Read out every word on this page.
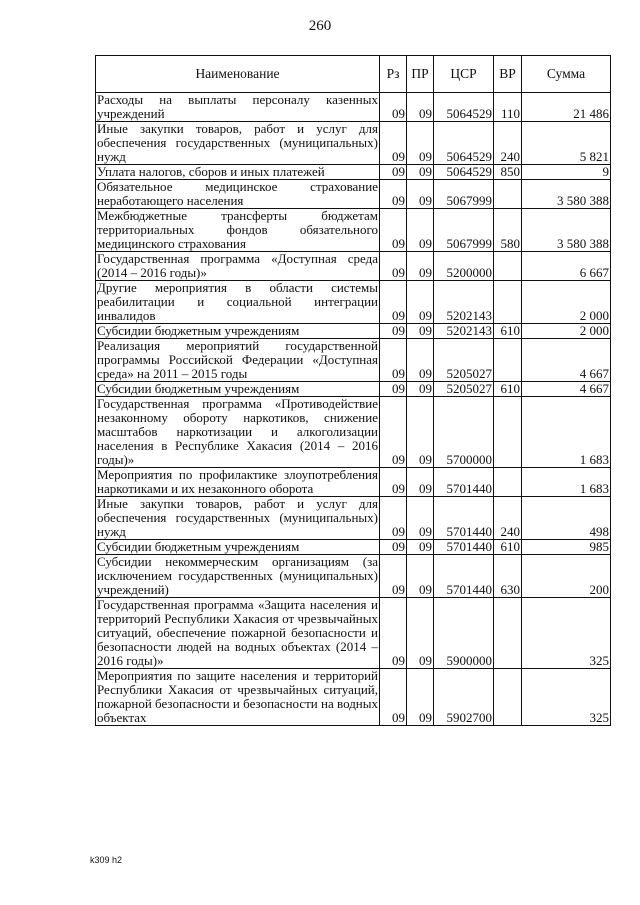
260
Наименование	Рз	ПР	ЦСР	ВР	Сумма
Расходы на выплаты персоналу казенных учреждений	09	09	5064529	110	21 486
Иные закупки товаров, работ и услуг для обеспечения государственных (муниципальных) нужд	09	09	5064529	240	5 821
Уплата налогов, сборов и иных платежей	09	09	5064529	850	9
Обязательное медицинское страхование неработающего населения	09	09	5067999		3 580 388
Межбюджетные трансферты бюджетам территориальных фондов обязательного медицинского страхования	09	09	5067999	580	3 580 388
Государственная программа «Доступная среда (2014 – 2016 годы)»	09	09	5200000		6 667
Другие мероприятия в области системы реабилитации и социальной интеграции инвалидов	09	09	5202143		2 000
Субсидии бюджетным учреждениям	09	09	5202143	610	2 000
Реализация мероприятий государственной программы Российской Федерации «Доступная среда» на 2011 – 2015 годы	09	09	5205027		4 667
Субсидии бюджетным учреждениям	09	09	5205027	610	4 667
Государственная программа «Противодействие незаконному обороту наркотиков, снижение масштабов наркотизации и алкоголизации населения в Республике Хакасия (2014 – 2016 годы)»	09	09	5700000		1 683
Мероприятия по профилактике злоупотребления наркотиками и их незаконного оборота	09	09	5701440		1 683
Иные закупки товаров, работ и услуг для обеспечения государственных (муниципальных) нужд	09	09	5701440	240	498
Субсидии бюджетным учреждениям	09	09	5701440	610	985
Субсидии некоммерческим организациям (за исключением государственных (муниципальных) учреждений)	09	09	5701440	630	200
Государственная программа «Защита населения и территорий Республики Хакасия от чрезвычайных ситуаций, обеспечение пожарной безопасности и безопасности людей на водных объектах (2014 – 2016 годы)»	09	09	5900000		325
Мероприятия по защите населения и территорий Республики Хакасия от чрезвычайных ситуаций, пожарной безопасности и безопасности на водных объектах	09	09	5902700		325
k309 h2
